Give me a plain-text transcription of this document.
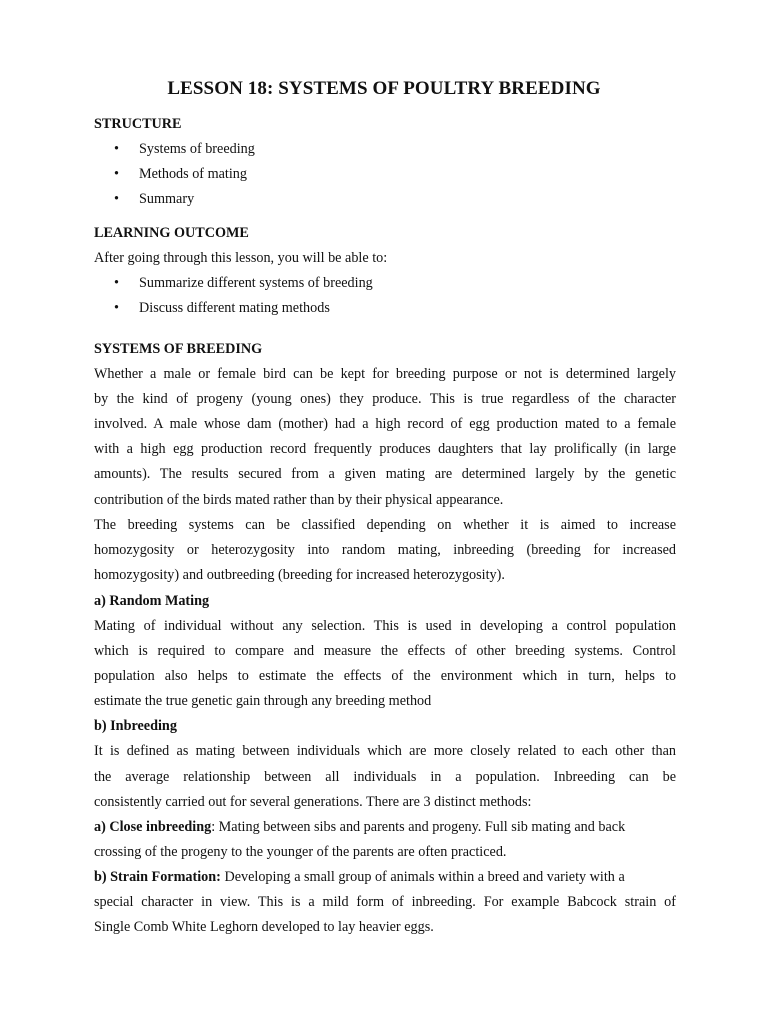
LESSON 18: SYSTEMS OF POULTRY BREEDING
STRUCTURE
• Systems of breeding
• Methods of mating
• Summary
LEARNING OUTCOME
After going through this lesson, you will be able to:
• Summarize different systems of breeding
• Discuss different mating methods
SYSTEMS OF BREEDING
Whether a male or female bird can be kept for breeding purpose or not is determined largely
by the kind of progeny (young ones) they produce. This is true regardless of the character
involved. A male whose dam (mother) had a high record of egg production mated to a female
with a high egg production record frequently produces daughters that lay prolifically (in large
amounts). The results secured from a given mating are determined largely by the genetic
contribution of the birds mated rather than by their physical appearance.
The breeding systems can be classified depending on whether it is aimed to increase
homozygosity or heterozygosity into random mating, inbreeding (breeding for increased
homozygosity) and outbreeding (breeding for increased heterozygosity).
a) Random Mating
Mating of individual without any selection. This is used in developing a control population
which is required to compare and measure the effects of other breeding systems. Control
population also helps to estimate the effects of the environment which in turn, helps to
estimate the true genetic gain through any breeding method
b) Inbreeding
It is defined as mating between individuals which are more closely related to each other than
the average relationship between all individuals in a population. Inbreeding can be
consistently carried out for several generations. There are 3 distinct methods:
a) Close inbreeding: Mating between sibs and parents and progeny. Full sib mating and back
crossing of the progeny to the younger of the parents are often practiced.
b) Strain Formation: Developing a small group of animals within a breed and variety with a
special character in view. This is a mild form of inbreeding. For example Babcock strain of
Single Comb White Leghorn developed to lay heavier eggs.
